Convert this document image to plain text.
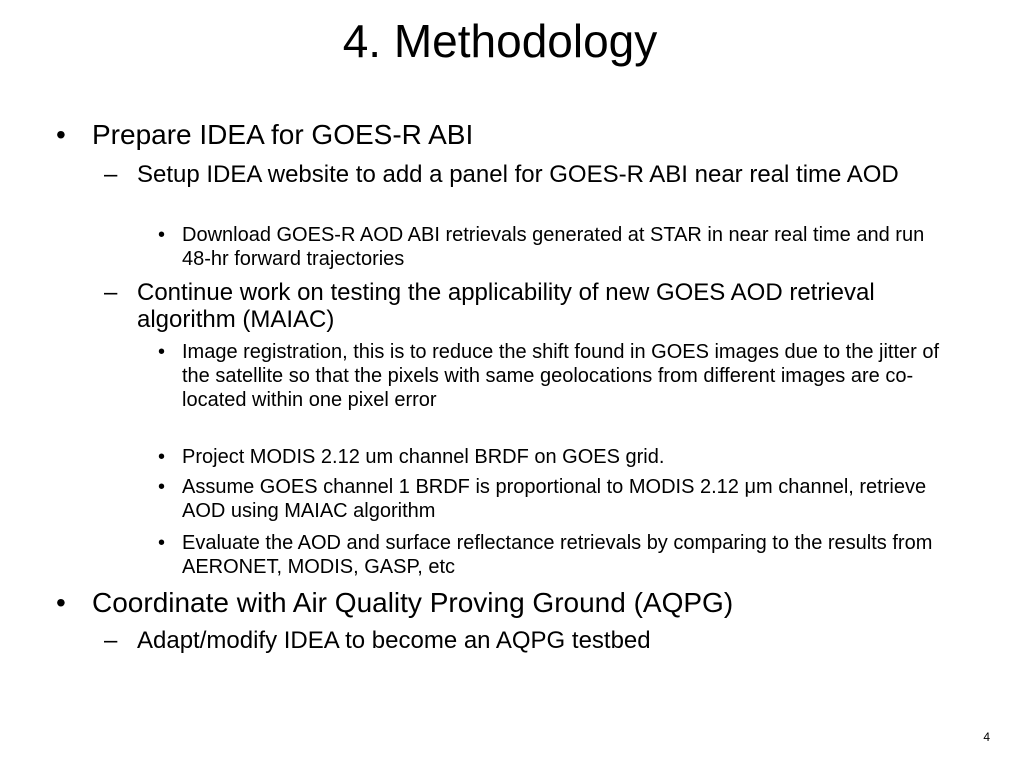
4. Methodology
• Prepare IDEA for GOES-R ABI
– Setup IDEA website to add a panel for GOES-R ABI near real time AOD
• Download GOES-R AOD ABI retrievals generated at STAR in near real time and run 48-hr forward trajectories
– Continue work on testing the applicability of new GOES AOD retrieval algorithm (MAIAC)
• Image registration, this is to reduce the shift found in GOES images due to the jitter of the satellite so that the pixels with same geolocations from different images are co-located within one pixel error
• Project MODIS 2.12 um channel BRDF on GOES grid.
• Assume GOES channel 1 BRDF is proportional to MODIS 2.12 μm channel, retrieve AOD using MAIAC algorithm
• Evaluate the AOD and surface reflectance retrievals by comparing to the results from AERONET, MODIS, GASP, etc
• Coordinate with Air Quality Proving Ground (AQPG)
– Adapt/modify IDEA to become an AQPG testbed
4
